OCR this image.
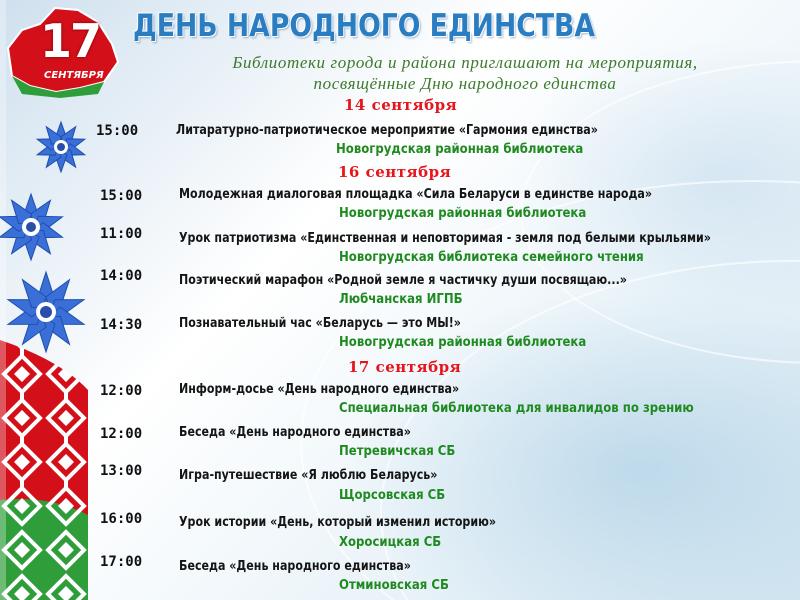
17
СЕНТЯБРЯ
ДЕНЬ НАРОДНОГО ЕДИНСТВА
Библиотеки города и района приглашают на мероприятия,
посвящённые Дню народного единства
14 сентября
15:00	Литаратурно-патриотическое мероприятие «Гармония единства»
Новогрудская районная библиотека
16 сентября
15:00	Молодежная диалоговая площадка «Сила Беларуси в единстве народа»
Новогрудская районная библиотека
11:00	Урок патриотизма «Единственная и неповторимая - земля под белыми крыльями»
Новогрудская библиотека семейного чтения
14:00	Поэтический марафон «Родной земле я частичку души посвящаю...»
Любчанская ИГПБ
14:30	Познавательный час «Беларусь — это МЫ!»
Новогрудская районная библиотека
17 сентября
12:00	Информ-досье «День народного единства»
Специальная библиотека для инвалидов по зрению
12:00	Беседа «День народного единства»
Петревичская СБ
13:00	Игра-путешествие «Я люблю Беларусь»
Щорсовская СБ
16:00	Урок истории «День, который изменил историю»
Хоросицкая СБ
17:00	Беседа «День народного единства»
Отминовская СБ
